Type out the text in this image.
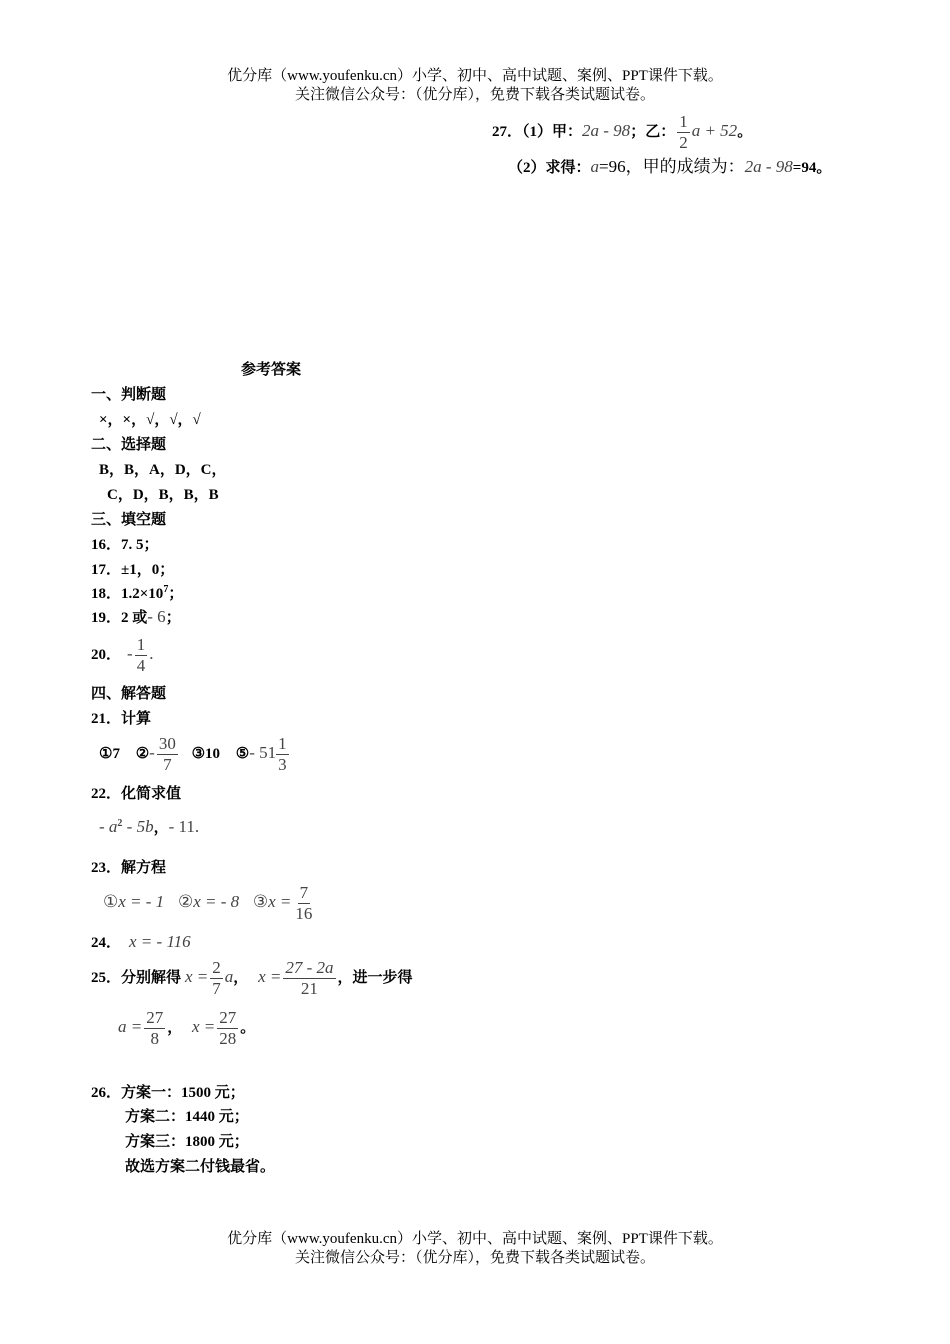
优分库（www.youfenku.cn）小学、初中、高中试题、案例、PPT课件下载。
关注微信公众号：（优分库），免费下载各类试题试卷。
27．（1）甲：2a - 98；乙： $\frac{1}{2}$ a + 52。
（2）求得：a=96，甲的成绩为：2a - 98=94。
参考答案
一、判断题
×，×，√，√，√
二、选择题
B，B，A，D，C，
C，D，B，B，B
三、填空题
16．7. 5；
17．±1，0；
18．$1.2\times 10^7$；
19．2 或- 6；
20． - $\frac{1}{4}$ .
四、解答题
21．计算
①7 ②- $\frac{30}{7}$ ③10 ⑤- $51 \frac{1}{3}$
22．化简求值
- $a^2 - 5b$，- 11.
23．解方程
①x = - 1 ②x = - 8 ③x = $\frac{7}{16}$
24． x = - 116
25．分别解得 $x = \frac{2}{7}$ a， $x = \frac{27 - 2a}{21}$ ，进一步得
$a = \frac{27}{8}$ ， $x = \frac{27}{28}$ 。
26．方案一：1500 元；
方案二：1440 元；
方案三：1800 元；
故选方案二付钱最省。
优分库（www.youfenku.cn）小学、初中、高中试题、案例、PPT课件下载。
关注微信公众号：（优分库），免费下载各类试题试卷。
